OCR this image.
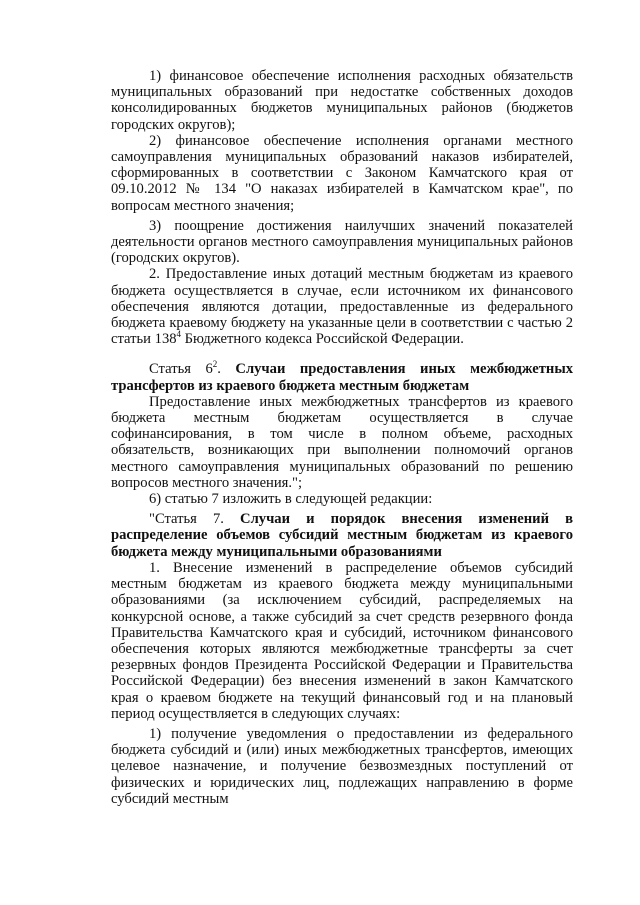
1) финансовое обеспечение исполнения расходных обязательств муниципальных образований при недостатке собственных доходов консолидированных бюджетов муниципальных районов (бюджетов городских округов);

2) финансовое обеспечение исполнения органами местного самоуправления муниципальных образований наказов избирателей, сформированных в соответствии с Законом Камчатского края от 09.10.2012 № 134 "О наказах избирателей в Камчатском крае", по вопросам местного значения;

3) поощрение достижения наилучших значений показателей деятельности органов местного самоуправления муниципальных районов (городских округов).

2. Предоставление иных дотаций местным бюджетам из краевого бюджета осуществляется в случае, если источником их финансового обеспечения являются дотации, предоставленные из федерального бюджета краевому бюджету на указанные цели в соответствии с частью 2 статьи $138^4$ Бюджетного кодекса Российской Федерации.

Статья $6^2$. Случаи предоставления иных межбюджетных трансфертов из краевого бюджета местным бюджетам

Предоставление иных межбюджетных трансфертов из краевого бюджета местным бюджетам осуществляется в случае софинансирования, в том числе в полном объеме, расходных обязательств, возникающих при выполнении полномочий органов местного самоуправления муниципальных образований по решению вопросов местного значения.";

6) статью 7 изложить в следующей редакции:

"Статья 7. Случаи и порядок внесения изменений в распределение объемов субсидий местным бюджетам из краевого бюджета между муниципальными образованиями

1. Внесение изменений в распределение объемов субсидий местным бюджетам из краевого бюджета между муниципальными образованиями (за исключением субсидий, распределяемых на конкурсной основе, а также субсидий за счет средств резервного фонда Правительства Камчатского края и субсидий, источником финансового обеспечения которых являются межбюджетные трансферты за счет резервных фондов Президента Российской Федерации и Правительства Российской Федерации) без внесения изменений в закон Камчатского края о краевом бюджете на текущий финансовый год и на плановый период осуществляется в следующих случаях:

1) получение уведомления о предоставлении из федерального бюджета субсидий и (или) иных межбюджетных трансфертов, имеющих целевое назначение, и получение безвозмездных поступлений от физических и юридических лиц, подлежащих направлению в форме субсидий местным
